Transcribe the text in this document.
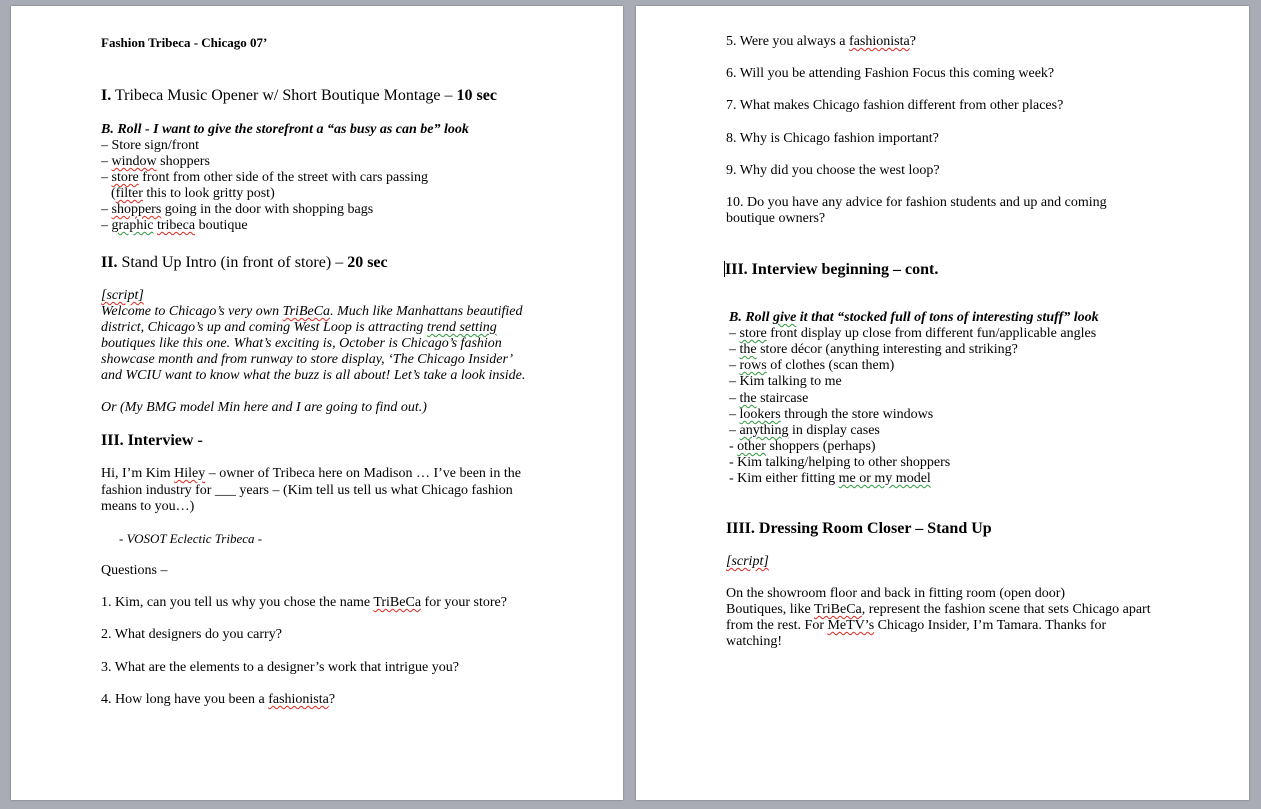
Fashion Tribeca - Chicago 07’
I. Tribeca Music Opener w/ Short Boutique Montage – 10 sec
B. Roll - I want to give the storefront a “as busy as can be” look
– Store sign/front
– window shoppers
– store front from other side of the street with cars passing
(filter this to look gritty post)
– shoppers going in the door with shopping bags
– graphic tribeca boutique
II. Stand Up Intro (in front of store) – 20 sec
[script]
Welcome to Chicago’s very own TriBeCa. Much like Manhattans beautified
district, Chicago’s up and coming West Loop is attracting trend setting
boutiques like this one. What’s exciting is, October is Chicago’s fashion
showcase month and from runway to store display, ‘The Chicago Insider’
and WCIU want to know what the buzz is all about! Let’s take a look inside.
Or (My BMG model Min here and I are going to find out.)
III. Interview -
Hi, I’m Kim Hiley – owner of Tribeca here on Madison … I’ve been in the
fashion industry for ___ years – (Kim tell us tell us what Chicago fashion
means to you…)
- VOSOT Eclectic Tribeca -
Questions –
1. Kim, can you tell us why you chose the name TriBeCa for your store?
2. What designers do you carry?
3. What are the elements to a designer’s work that intrigue you?
4. How long have you been a fashionista?
5. Were you always a fashionista?
6. Will you be attending Fashion Focus this coming week?
7. What makes Chicago fashion different from other places?
8. Why is Chicago fashion important?
9. Why did you choose the west loop?
10. Do you have any advice for fashion students and up and coming
boutique owners?
III. Interview beginning – cont.
B. Roll give it that “stocked full of tons of interesting stuff” look
– store front display up close from different fun/applicable angles
– the store décor (anything interesting and striking?
– rows of clothes (scan them)
– Kim talking to me
– the staircase
– lookers through the store windows
– anything in display cases
- other shoppers (perhaps)
- Kim talking/helping to other shoppers
- Kim either fitting me or my model
IIII. Dressing Room Closer – Stand Up
[script]
On the showroom floor and back in fitting room (open door)
Boutiques, like TriBeCa, represent the fashion scene that sets Chicago apart
from the rest. For MeTV’s Chicago Insider, I’m Tamara. Thanks for
watching!
